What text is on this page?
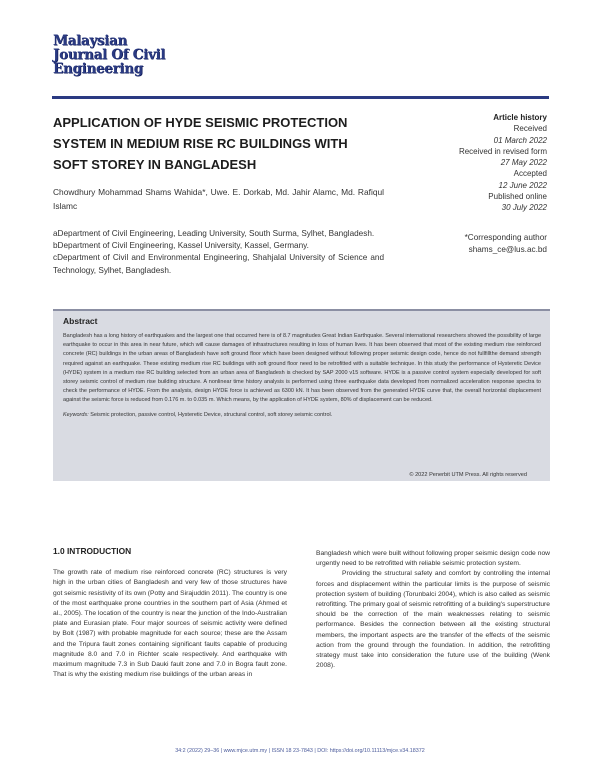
Malaysian
Journal Of Civil
Engineering
APPLICATION OF HYDE SEISMIC PROTECTION SYSTEM IN MEDIUM RISE RC BUILDINGS WITH SOFT STOREY IN BANGLADESH
Article history
Received
01 March 2022
Received in revised form
27 May 2022
Accepted
12 June 2022
Published online
30 July 2022
Chowdhury Mohammad Shams Wahida*, Uwe. E. Dorkab, Md. Jahir Alamc, Md. Rafiqul Islamc
aDepartment of Civil Engineering, Leading University, South Surma, Sylhet, Bangladesh.
bDepartment of Civil Engineering, Kassel University, Kassel, Germany.
cDepartment of Civil and Environmental Engineering, Shahjalal University of Science and Technology, Sylhet, Bangladesh.
*Corresponding author
shams_ce@lus.ac.bd
Abstract

Bangladesh has a long history of earthquakes and the largest one that occurred here is of 8.7 magnitudes Great Indian Earthquake. Several international researchers showed the possibility of large earthquake to occur in this area in near future, which will cause damages of infrastructures resulting in loss of human lives. It has been observed that most of the existing medium rise reinforced concrete (RC) buildings in the urban areas of Bangladesh have soft ground floor which have been designed without following proper seismic design code, hence do not fullfillthe demand strength required against an earthquake. These existing medium rise RC buildings with soft ground floor need to be retrofitted with a suitable technique. In this study the performance of Hysteretic Device (HYDE) system in a medium rise RC building selected from an urban area of Bangladesh is checked by SAP 2000 v15 software. HYDE is a passive control system especially developed for soft storey seismic control of medium rise building structure. A nonlinear time history analysis is performed using three earthquake data developed from normalized acceleration response spectra to check the performance of HYDE. From the analysis, design HYDE force is achieved as 6300 kN. It has been observed from the generated HYDE curve that, the overall horizontal displacement against the seismic force is reduced from 0.176 m. to 0.035 m. Which means, by the application of HYDE system, 80% of displacement can be reduced.

Keywords: Seismic protection, passive control, Hysteretic Device, structural control, soft storey seismic control.

© 2022 Penerbit UTM Press. All rights reserved
1.0 INTRODUCTION

The growth rate of medium rise reinforced concrete (RC) structures is very high in the urban cities of Bangladesh and very few of those structures have got seismic resistivity of its own (Potty and Sirajuddin 2011). The country is one of the most earthquake prone countries in the southern part of Asia (Ahmed et al., 2005). The location of the country is near the junction of the Indo-Australian plate and Eurasian plate. Four major sources of seismic activity were defined by Bolt (1987) with probable magnitude for each source; these are the Assam and the Tripura fault zones containing significant faults capable of producing magnitude 8.0 and 7.0 in Richter scale respectively. And earthquake with maximum magnitude 7.3 in Sub Dauki fault zone and 7.0 in Bogra fault zone. That is why the existing medium rise buildings of the urban areas in

Bangladesh which were built without following proper seismic design code now urgently need to be retrofitted with reliable seismic protection system.

Providing the structural safety and comfort by controlling the internal forces and displacement within the particular limits is the purpose of seismic protection system of building (Torunbalci 2004), which is also called as seismic retrofitting. The primary goal of seismic retrofitting of a building's superstructure should be the correction of the main weaknesses relating to seismic performance. Besides the connection between all the existing structural members, the important aspects are the transfer of the effects of the seismic action from the ground through the foundation. In addition, the retrofitting strategy must take into consideration the future use of the building (Wenk 2008).

34:2 (2022) 29–36 | www.mjce.utm.my | ISSN 18 23-7843 | DOI: https://doi.org/10.11113/mjce.v34.18372
